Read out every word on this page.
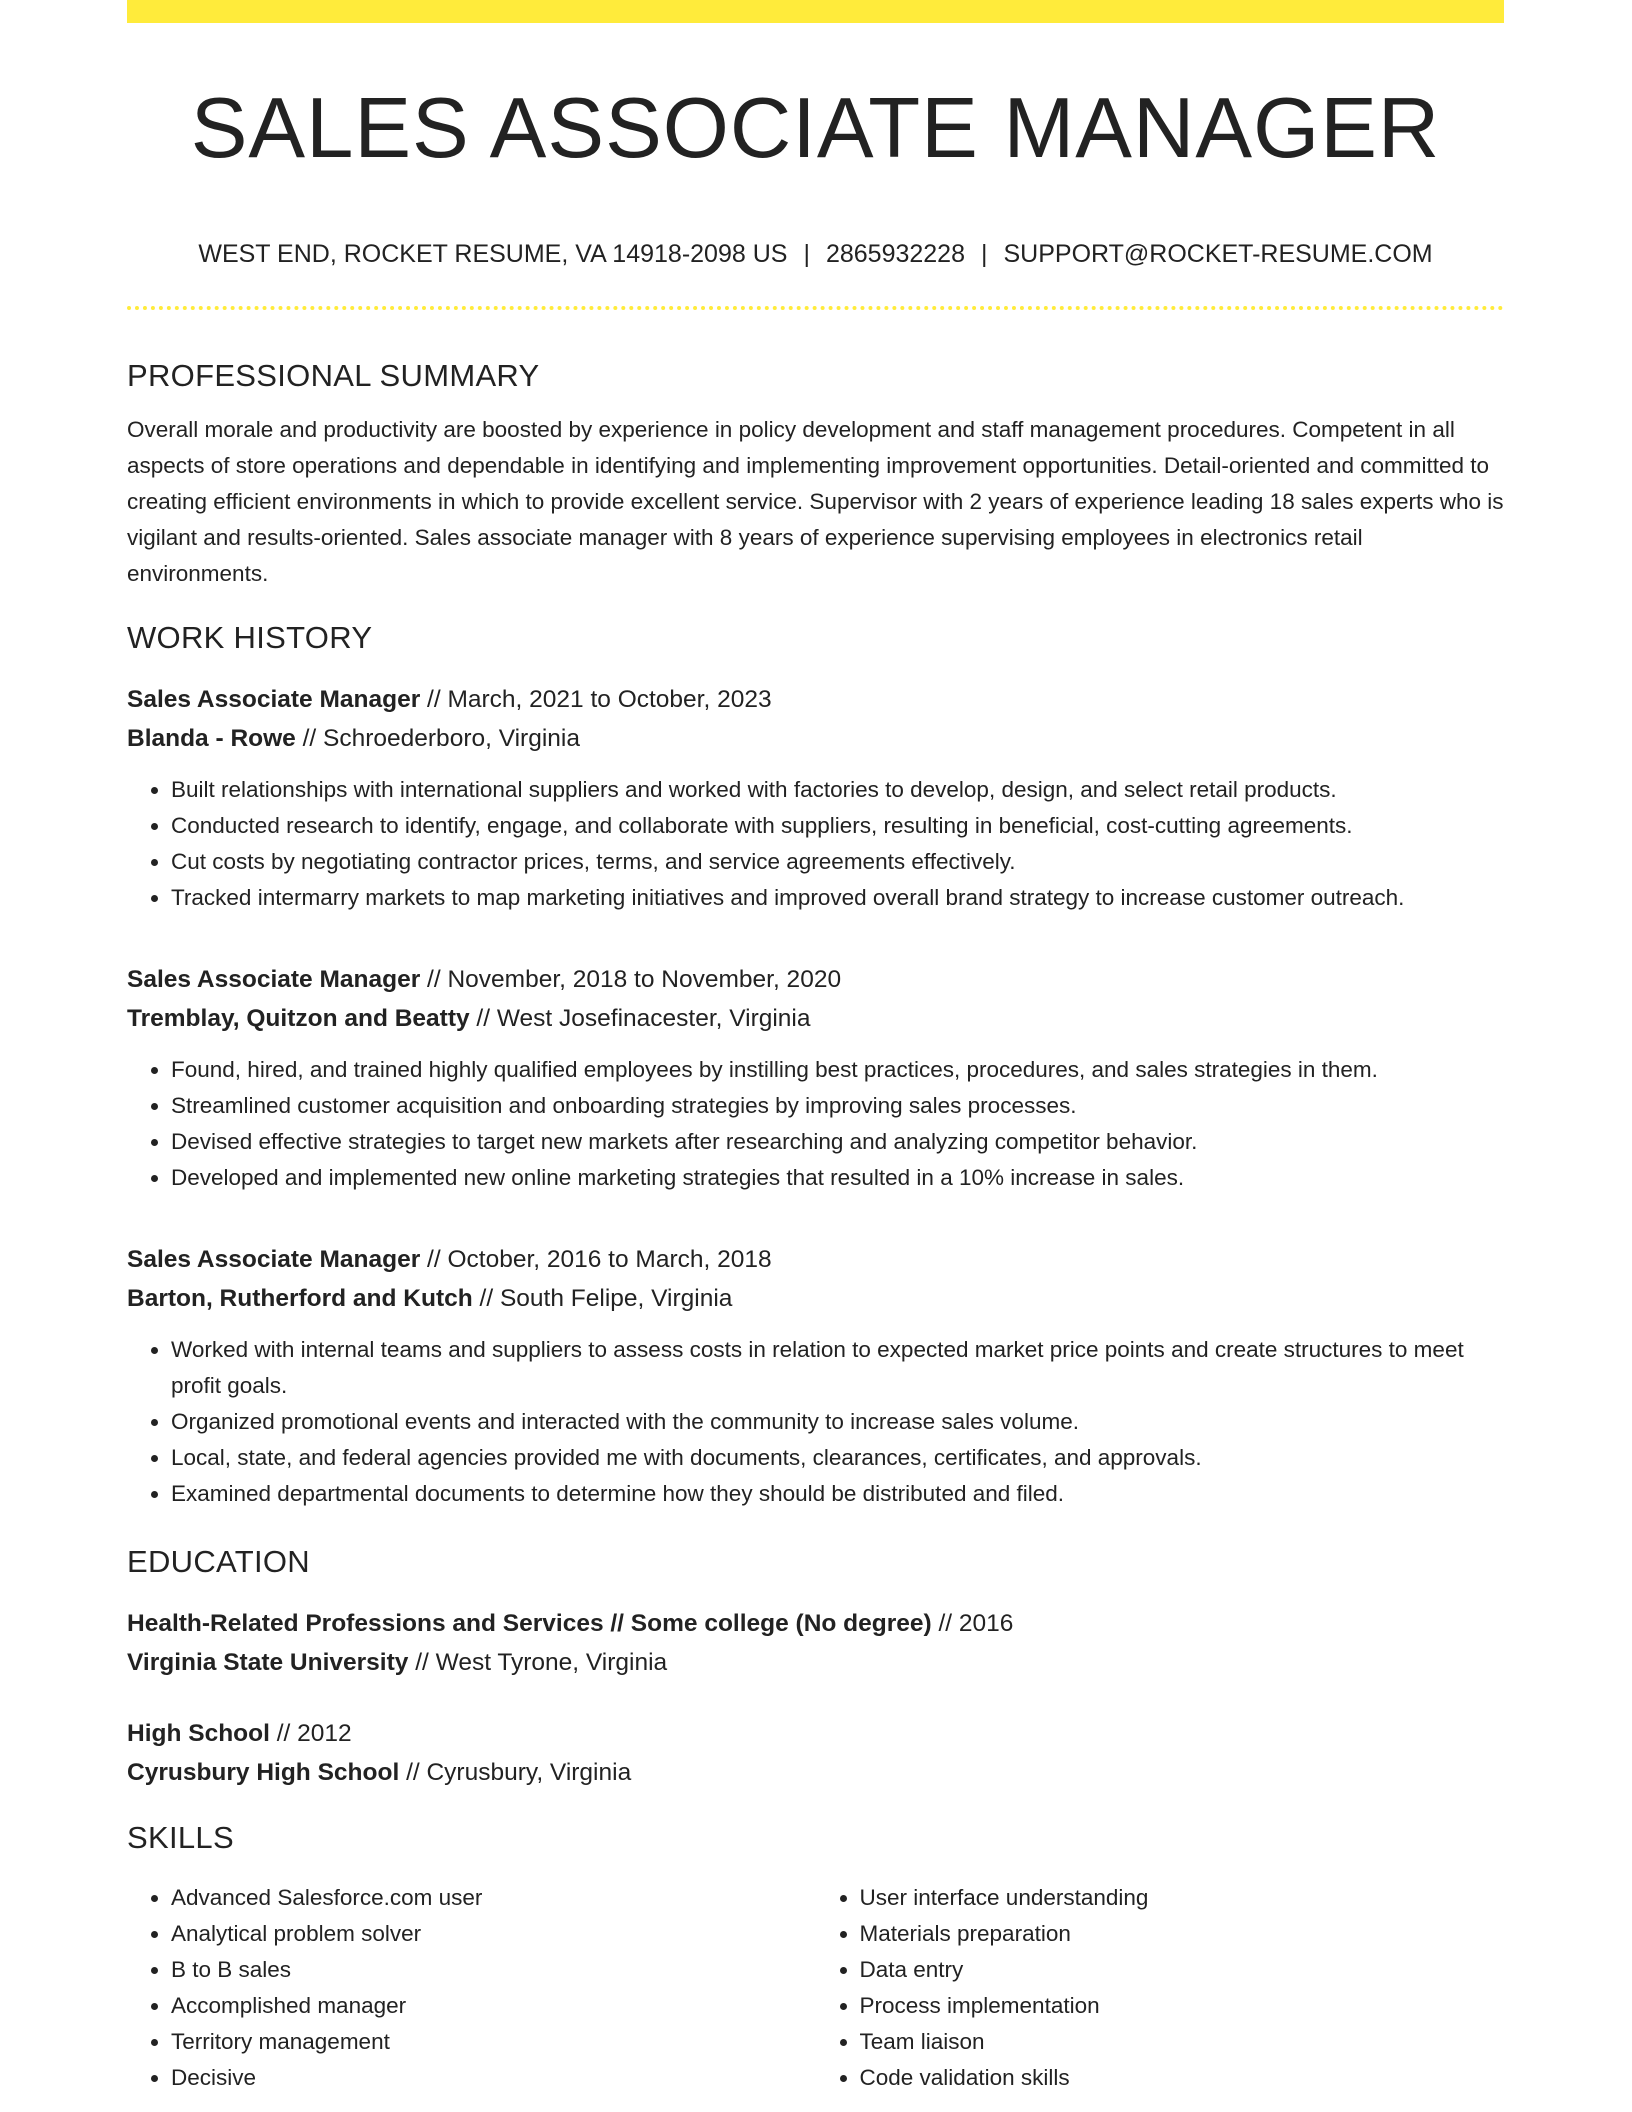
SALES ASSOCIATE MANAGER
WEST END, ROCKET RESUME, VA 14918-2098 US | 2865932228 | SUPPORT@ROCKET-RESUME.COM
PROFESSIONAL SUMMARY

Overall morale and productivity are boosted by experience in policy development and staff management procedures. Competent in all aspects of store operations and dependable in identifying and implementing improvement opportunities. Detail-oriented and committed to creating efficient environments in which to provide excellent service. Supervisor with 2 years of experience leading 18 sales experts who is vigilant and results-oriented. Sales associate manager with 8 years of experience supervising employees in electronics retail environments.

WORK HISTORY
Sales Associate Manager // March, 2021 to October, 2023
Blanda - Rowe // Schroederboro, Virginia
• Built relationships with international suppliers and worked with factories to develop, design, and select retail products.
• Conducted research to identify, engage, and collaborate with suppliers, resulting in beneficial, cost-cutting agreements.
• Cut costs by negotiating contractor prices, terms, and service agreements effectively.
• Tracked intermarry markets to map marketing initiatives and improved overall brand strategy to increase customer outreach.
Sales Associate Manager // November, 2018 to November, 2020
Tremblay, Quitzon and Beatty // West Josefinacester, Virginia
• Found, hired, and trained highly qualified employees by instilling best practices, procedures, and sales strategies in them.
• Streamlined customer acquisition and onboarding strategies by improving sales processes.
• Devised effective strategies to target new markets after researching and analyzing competitor behavior.
• Developed and implemented new online marketing strategies that resulted in a 10% increase in sales.
Sales Associate Manager // October, 2016 to March, 2018
Barton, Rutherford and Kutch // South Felipe, Virginia
• Worked with internal teams and suppliers to assess costs in relation to expected market price points and create structures to meet profit goals.
• Organized promotional events and interacted with the community to increase sales volume.
• Local, state, and federal agencies provided me with documents, clearances, certificates, and approvals.
• Examined departmental documents to determine how they should be distributed and filed.
EDUCATION
Health-Related Professions and Services // Some college (No degree) // 2016
Virginia State University // West Tyrone, Virginia
High School // 2012
Cyrusbury High School // Cyrusbury, Virginia
SKILLS
• Advanced Salesforce.com user
• Analytical problem solver
• B to B sales
• Accomplished manager
• Territory management
• Decisive
• User interface understanding
• Materials preparation
• Data entry
• Process implementation
• Team liaison
• Code validation skills
